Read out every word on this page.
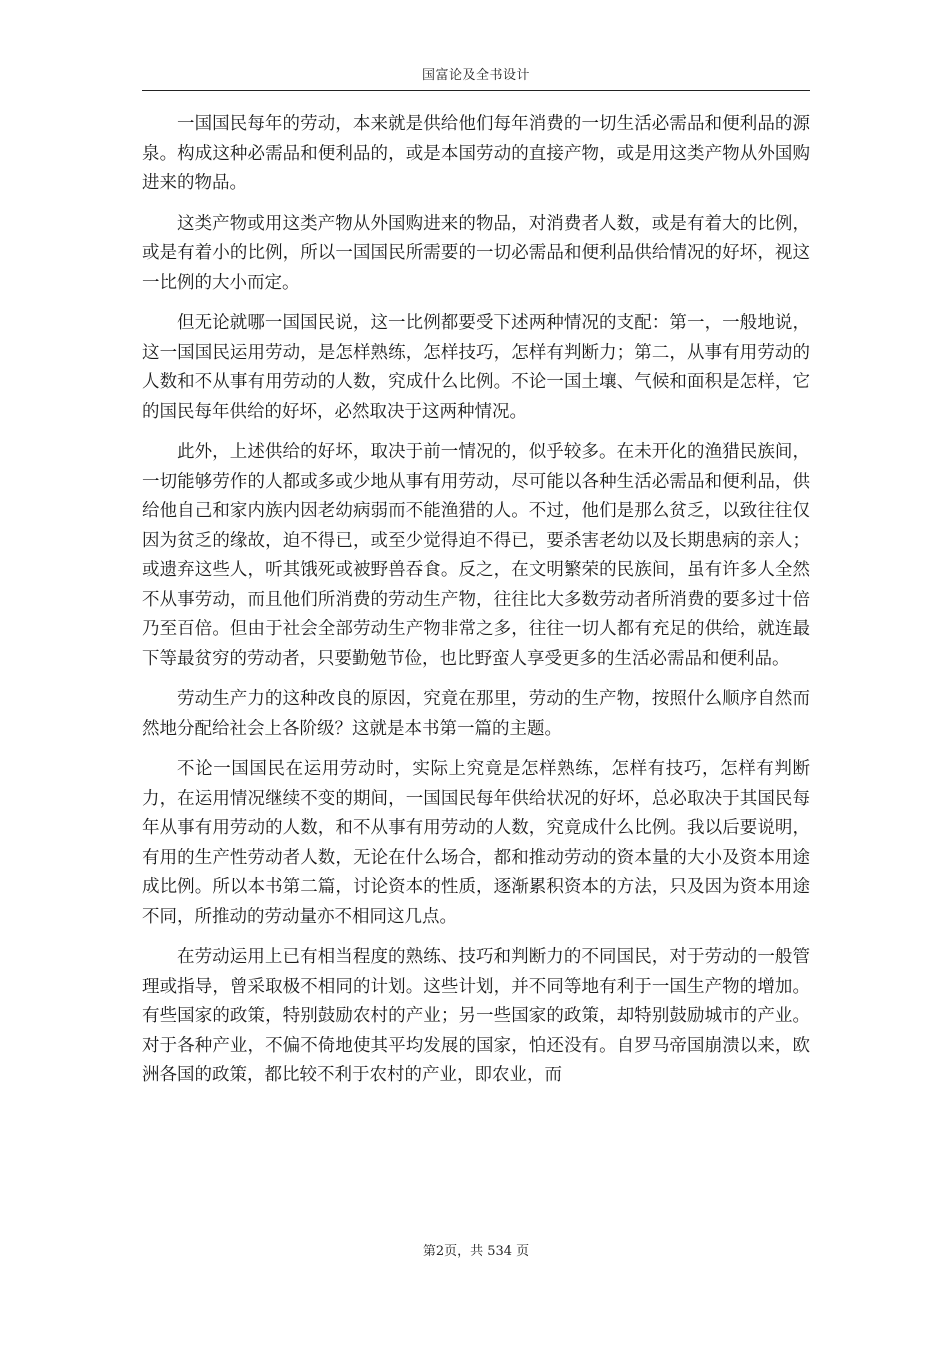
国富论及全书设计

一国国民每年的劳动，本来就是供给他们每年消费的一切生活必需品和便利品的源泉。构成这种必需品和便利品的，或是本国劳动的直接产物，或是用这类产物从外国购进来的物品。

这类产物或用这类产物从外国购进来的物品，对消费者人数，或是有着大的比例，或是有着小的比例，所以一国国民所需要的一切必需品和便利品供给情况的好坏，视这一比例的大小而定。

但无论就哪一国国民说，这一比例都要受下述两种情况的支配：第一，一般地说，这一国国民运用劳动，是怎样熟练，怎样技巧，怎样有判断力；第二，从事有用劳动的人数和不从事有用劳动的人数，究成什么比例。不论一国土壤、气候和面积是怎样，它的国民每年供给的好坏，必然取决于这两种情况。

此外，上述供给的好坏，取决于前一情况的，似乎较多。在未开化的渔猎民族间，一切能够劳作的人都或多或少地从事有用劳动，尽可能以各种生活必需品和便利品，供给他自己和家内族内因老幼病弱而不能渔猎的人。不过，他们是那么贫乏，以致往往仅因为贫乏的缘故，迫不得已，或至少觉得迫不得已，要杀害老幼以及长期患病的亲人；或遗弃这些人，听其饿死或被野兽吞食。反之，在文明繁荣的民族间，虽有许多人全然不从事劳动，而且他们所消费的劳动生产物，往往比大多数劳动者所消费的要多过十倍乃至百倍。但由于社会全部劳动生产物非常之多，往往一切人都有充足的供给，就连最下等最贫穷的劳动者，只要勤勉节俭，也比野蛮人享受更多的生活必需品和便利品。

劳动生产力的这种改良的原因，究竟在那里，劳动的生产物，按照什么顺序自然而然地分配给社会上各阶级？这就是本书第一篇的主题。

不论一国国民在运用劳动时，实际上究竟是怎样熟练，怎样有技巧，怎样有判断力，在运用情况继续不变的期间，一国国民每年供给状况的好坏，总必取决于其国民每年从事有用劳动的人数，和不从事有用劳动的人数，究竟成什么比例。我以后要说明，有用的生产性劳动者人数，无论在什么场合，都和推动劳动的资本量的大小及资本用途成比例。所以本书第二篇，讨论资本的性质，逐渐累积资本的方法，只及因为资本用途不同，所推动的劳动量亦不相同这几点。

在劳动运用上已有相当程度的熟练、技巧和判断力的不同国民，对于劳动的一般管理或指导，曾采取极不相同的计划。这些计划，并不同等地有利于一国生产物的增加。有些国家的政策，特别鼓励农村的产业；另一些国家的政策，却特别鼓励城市的产业。对于各种产业，不偏不倚地使其平均发展的国家，怕还没有。自罗马帝国崩溃以来，欧洲各国的政策，都比较不利于农村的产业，即农业，而

第2页，共 534 页
